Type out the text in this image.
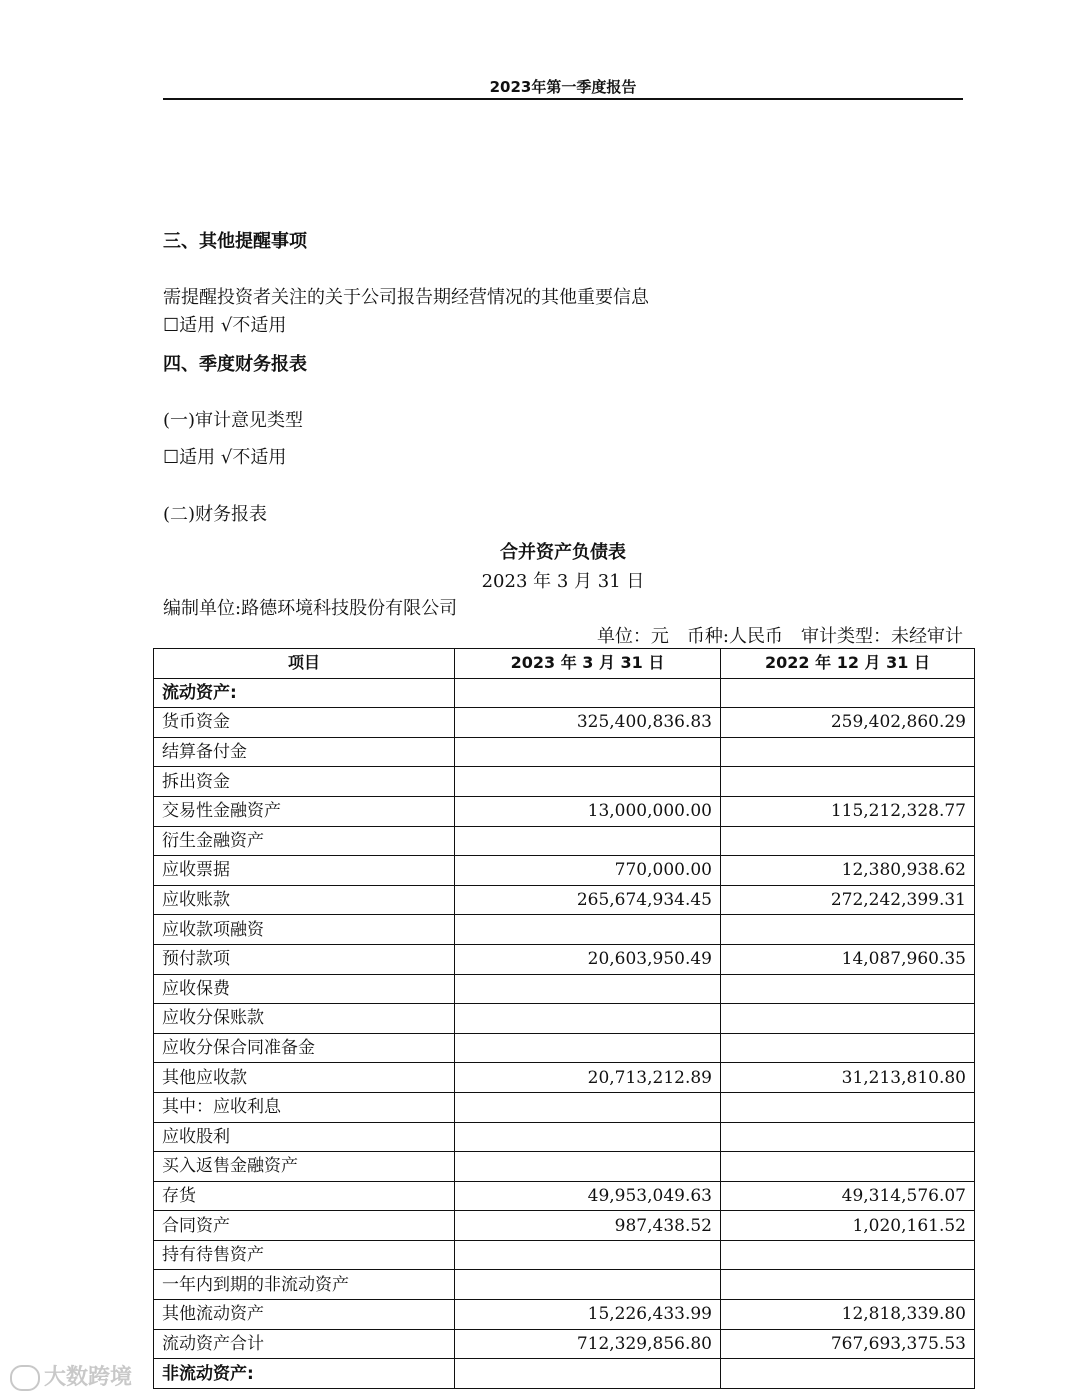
2023年第一季度报告
三、其他提醒事项
需提醒投资者关注的关于公司报告期经营情况的其他重要信息
☐适用 √不适用
四、季度财务报表
(一)审计意见类型
☐适用 √不适用
(二)财务报表
合并资产负债表
2023 年 3 月 31 日
编制单位:路德环境科技股份有限公司
单位：元　币种:人民币　审计类型：未经审计
项目	2023 年 3 月 31 日	2022 年 12 月 31 日
流动资产:		
货币资金	325,400,836.83	259,402,860.29
结算备付金		
拆出资金		
交易性金融资产	13,000,000.00	115,212,328.77
衍生金融资产		
应收票据	770,000.00	12,380,938.62
应收账款	265,674,934.45	272,242,399.31
应收款项融资		
预付款项	20,603,950.49	14,087,960.35
应收保费		
应收分保账款		
应收分保合同准备金		
其他应收款	20,713,212.89	31,213,810.80
其中：应收利息		
应收股利		
买入返售金融资产		
存货	49,953,049.63	49,314,576.07
合同资产	987,438.52	1,020,161.52
持有待售资产		
一年内到期的非流动资产		
其他流动资产	15,226,433.99	12,818,339.80
流动资产合计	712,329,856.80	767,693,375.53
非流动资产:		
大数跨境
